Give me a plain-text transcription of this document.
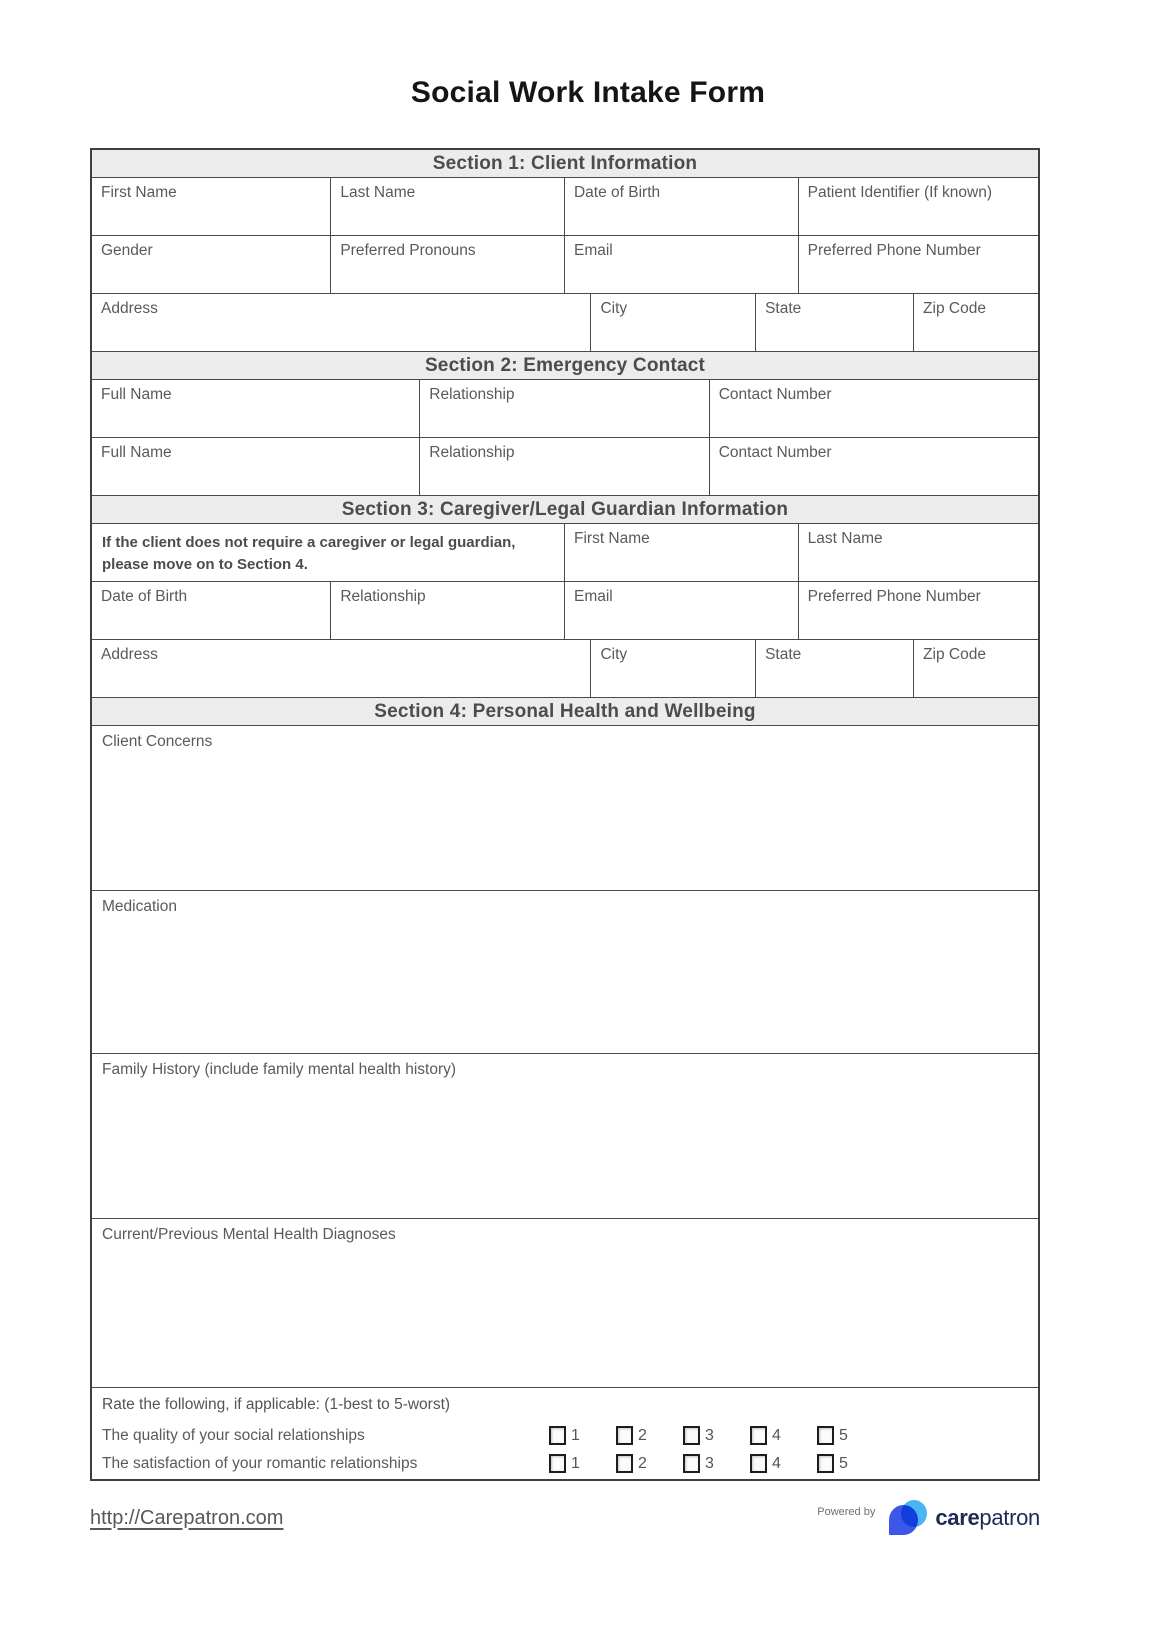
Social Work Intake Form
Section 1: Client Information
First Name	Last Name	Date of Birth	Patient Identifier (If known)
Gender	Preferred Pronouns	Email	Preferred Phone Number
Address	City	State	Zip Code
Section 2: Emergency Contact
Full Name	Relationship	Contact Number
Full Name	Relationship	Contact Number
Section 3: Caregiver/Legal Guardian Information
If the client does not require a caregiver or legal guardian, please move on to Section 4.
First Name	Last Name
Date of Birth	Relationship	Email	Preferred Phone Number
Address	City	State	Zip Code
Section 4: Personal Health and Wellbeing
Client Concerns
Medication
Family History (include family mental health history)
Current/Previous Mental Health Diagnoses
Rate the following, if applicable: (1-best to 5-worst)
The quality of your social relationships	1	2	3	4	5
The satisfaction of your romantic relationships	1	2	3	4	5
http://Carepatron.com	Powered by	carepatron
